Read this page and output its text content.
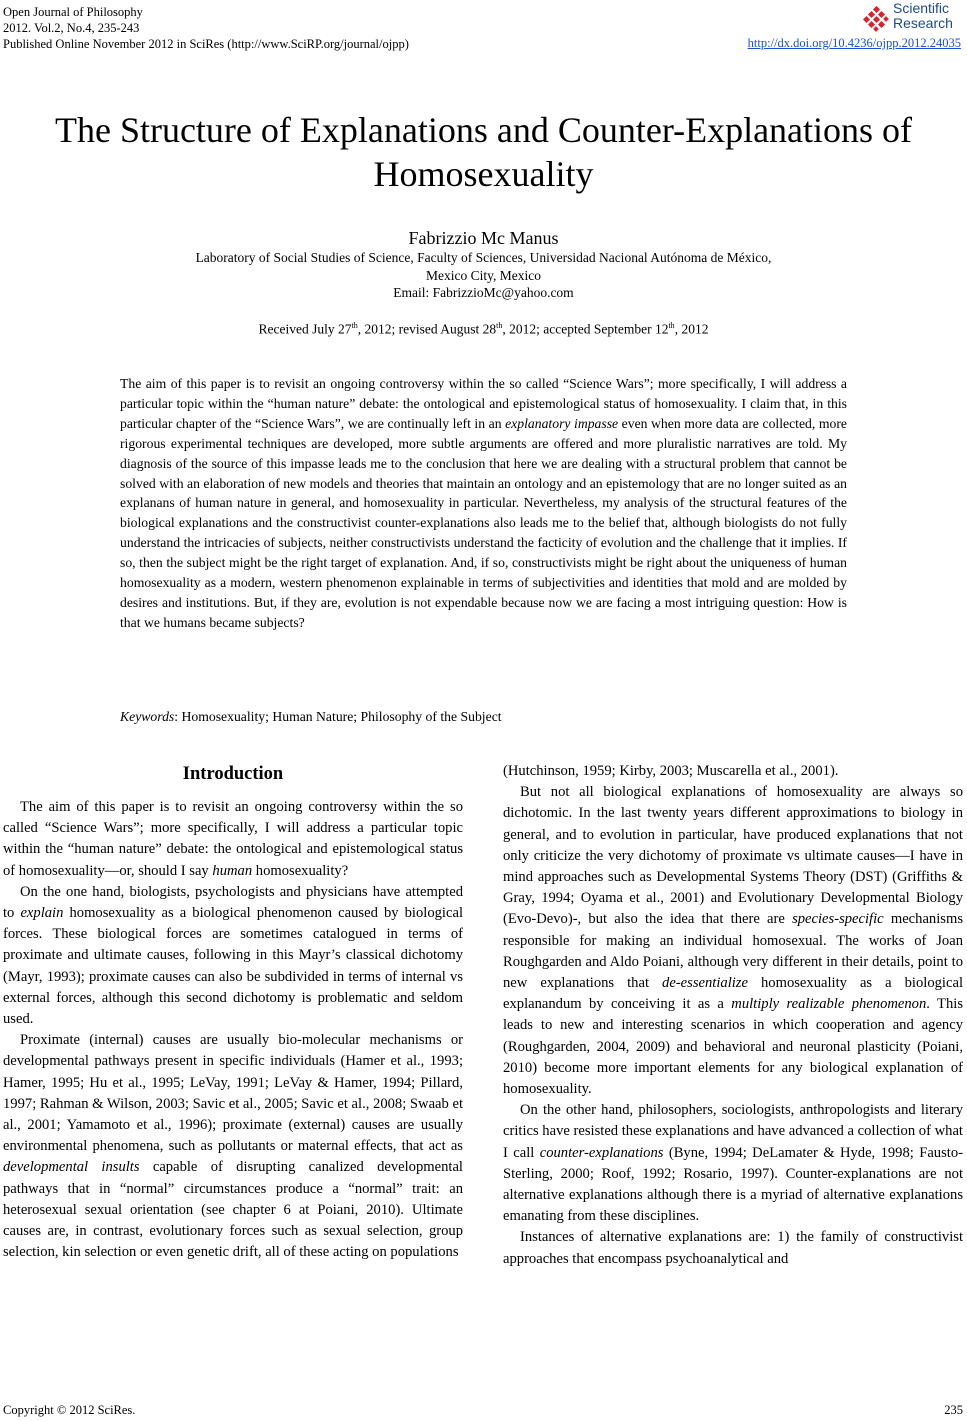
Open Journal of Philosophy
2012. Vol.2, No.4, 235-243
Published Online November 2012 in SciRes (http://www.SciRP.org/journal/ojpp)
Scientific
Research
http://dx.doi.org/10.4236/ojpp.2012.24035
The Structure of Explanations and Counter-Explanations of Homosexuality
Fabrizzio Mc Manus
Laboratory of Social Studies of Science, Faculty of Sciences, Universidad Nacional Autónoma de México,
Mexico City, Mexico
Email: FabrizzioMc@yahoo.com
Received July 27th, 2012; revised August 28th, 2012; accepted September 12th, 2012
The aim of this paper is to revisit an ongoing controversy within the so called “Science Wars”; more specifically, I will address a particular topic within the “human nature” debate: the ontological and epistemological status of homosexuality. I claim that, in this particular chapter of the “Science Wars”, we are continually left in an explanatory impasse even when more data are collected, more rigorous experimental techniques are developed, more subtle arguments are offered and more pluralistic narratives are told. My diagnosis of the source of this impasse leads me to the conclusion that here we are dealing with a structural problem that cannot be solved with an elaboration of new models and theories that maintain an ontology and an epistemology that are no longer suited as an explanans of human nature in general, and homosexuality in particular. Nevertheless, my analysis of the structural features of the biological explanations and the constructivist counter-explanations also leads me to the belief that, although biologists do not fully understand the intricacies of subjects, neither constructivists understand the facticity of evolution and the challenge that it implies. If so, then the subject might be the right target of explanation. And, if so, constructivists might be right about the uniqueness of human homosexuality as a modern, western phenomenon explainable in terms of subjectivities and identities that mold and are molded by desires and institutions. But, if they are, evolution is not expendable because now we are facing a most intriguing question: How is that we humans became subjects?
Keywords: Homosexuality; Human Nature; Philosophy of the Subject
Introduction

The aim of this paper is to revisit an ongoing controversy within the so called “Science Wars”; more specifically, I will address a particular topic within the “human nature” debate: the ontological and epistemological status of homosexuality—or, should I say human homosexuality?

On the one hand, biologists, psychologists and physicians have attempted to explain homosexuality as a biological phenomenon caused by biological forces. These biological forces are sometimes catalogued in terms of proximate and ultimate causes, following in this Mayr’s classical dichotomy (Mayr, 1993); proximate causes can also be subdivided in terms of internal vs external forces, although this second dichotomy is problematic and seldom used.

Proximate (internal) causes are usually bio-molecular mechanisms or developmental pathways present in specific individuals (Hamer et al., 1993; Hamer, 1995; Hu et al., 1995; LeVay, 1991; LeVay & Hamer, 1994; Pillard, 1997; Rahman & Wilson, 2003; Savic et al., 2005; Savic et al., 2008; Swaab et al., 2001; Yamamoto et al., 1996); proximate (external) causes are usually environmental phenomena, such as pollutants or maternal effects, that act as developmental insults capable of disrupting canalized developmental pathways that in “normal” circumstances produce a “normal” trait: an heterosexual sexual orientation (see chapter 6 at Poiani, 2010). Ultimate causes are, in contrast, evolutionary forces such as sexual selection, group selection, kin selection or even genetic drift, all of these acting on populations

(Hutchinson, 1959; Kirby, 2003; Muscarella et al., 2001).

But not all biological explanations of homosexuality are always so dichotomic. In the last twenty years different approximations to biology in general, and to evolution in particular, have produced explanations that not only criticize the very dichotomy of proximate vs ultimate causes—I have in mind approaches such as Developmental Systems Theory (DST) (Griffiths & Gray, 1994; Oyama et al., 2001) and Evolutionary Developmental Biology (Evo-Devo)-, but also the idea that there are species-specific mechanisms responsible for making an individual homosexual. The works of Joan Roughgarden and Aldo Poiani, although very different in their details, point to new explanations that de-essentialize homosexuality as a biological explanandum by conceiving it as a multiply realizable phenomenon. This leads to new and interesting scenarios in which cooperation and agency (Roughgarden, 2004, 2009) and behavioral and neuronal plasticity (Poiani, 2010) become more important elements for any biological explanation of homosexuality.

On the other hand, philosophers, sociologists, anthropologists and literary critics have resisted these explanations and have advanced a collection of what I call counter-explanations (Byne, 1994; DeLamater & Hyde, 1998; Fausto-Sterling, 2000; Roof, 1992; Rosario, 1997). Counter-explanations are not alternative explanations although there is a myriad of alternative explanations emanating from these disciplines.

Instances of alternative explanations are: 1) the family of constructivist approaches that encompass psychoanalytical and

Copyright © 2012 SciRes.	235
